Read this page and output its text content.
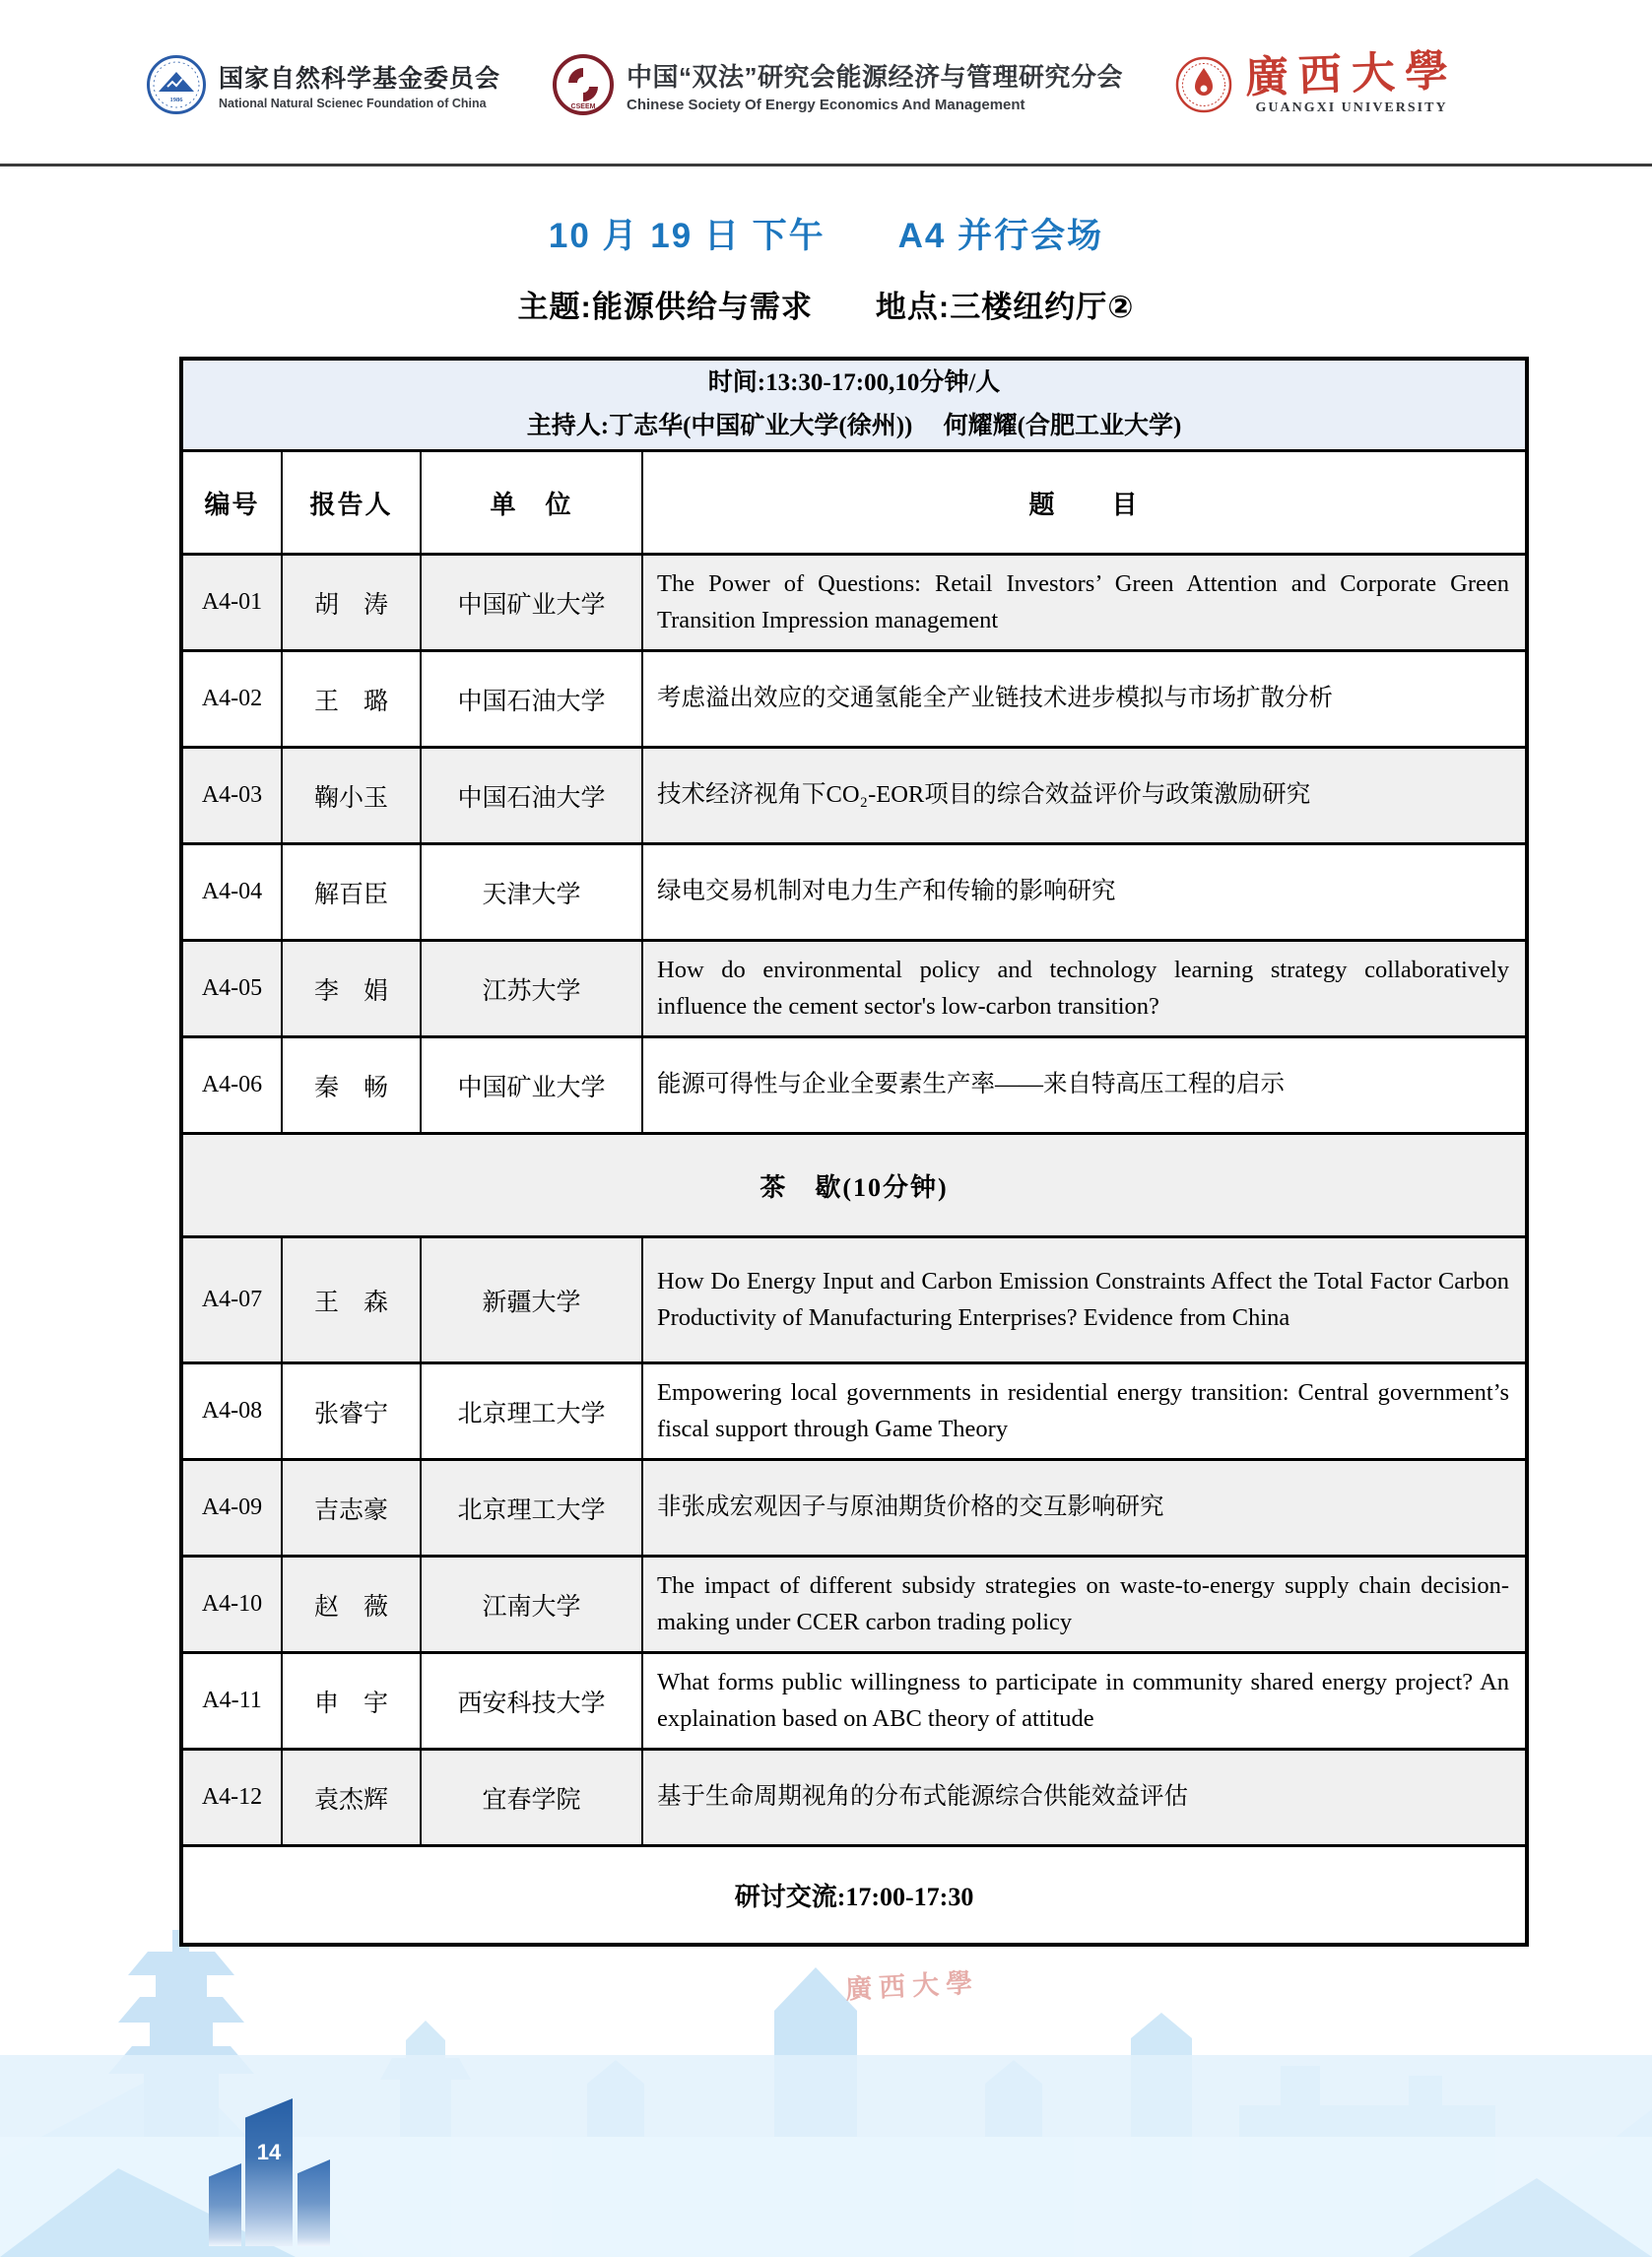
1986
国家自然科学基金委员会
National Natural Scienec Foundation of China	CSEEM
中国“双法”研究会能源经济与管理研究分会
Chinese Society Of Energy Economics And Management
廣西大學
GUANGXI UNIVERSITY
10 月 19 日 下午　　A4 并行会场
主题:能源供给与需求　　地点:三楼纽约厅②
时间:13:30-17:00,10分钟/人
主持人:丁志华(中国矿业大学(徐州))　 何耀耀(合肥工业大学)			

编号	报告人	单　位	题　　目
A4-01	胡　涛	中国矿业大学	The Power of Questions: Retail Investors’ Green Attention and Corporate Green Transition Impression management
A4-02	王　璐	中国石油大学	考虑溢出效应的交通氢能全产业链技术进步模拟与市场扩散分析
A4-03	鞠小玉	中国石油大学	技术经济视角下CO₂-EOR项目的综合效益评价与政策激励研究
A4-04	解百臣	天津大学	绿电交易机制对电力生产和传输的影响研究
A4-05	李　娟	江苏大学	How do environmental policy and technology learning strategy collaboratively influence the cement sector's low-carbon transition?
A4-06	秦　畅	中国矿业大学	能源可得性与企业全要素生产率——来自特高压工程的启示
茶　歇(10分钟)			
A4-07	王　森	新疆大学	How Do Energy Input and Carbon Emission Constraints Affect the Total Factor Carbon Productivity of Manufacturing Enterprises? Evidence from China
A4-08	张睿宁	北京理工大学	Empowering local governments in residential energy transition: Central government’s fiscal support through Game Theory
A4-09	吉志豪	北京理工大学	非张成宏观因子与原油期货价格的交互影响研究
A4-10	赵　薇	江南大学	The impact of different subsidy strategies on waste-to-energy supply chain decision-making under CCER carbon trading policy
A4-11	申　宇	西安科技大学	What forms public willingness to participate in community shared energy project? An explaination based on ABC theory of attitude
A4-12	袁杰辉	宜春学院	基于生命周期视角的分布式能源综合供能效益评估
研讨交流:17:00-17:30			
廣西大學
14
